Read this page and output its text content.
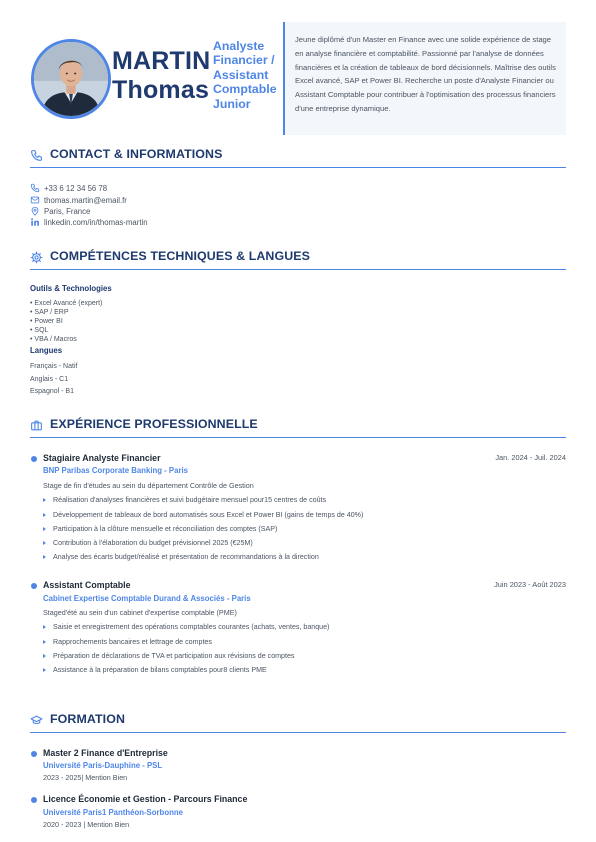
MARTIN
Thomas
Analyste Financier / Assistant Comptable Junior

Jeune diplômé d'un Master en Finance avec une solide expérience de stage en analyse financière et comptabilité. Passionné par l'analyse de données financières et la création de tableaux de bord décisionnels. Maîtrise des outils Excel avancé, SAP et Power BI. Recherche un poste d'Analyste Financier ou Assistant Comptable pour contribuer à l'optimisation des processus financiers d'une entreprise dynamique.

CONTACT & INFORMATIONS
+33 6 12 34 56 78
thomas.martin@email.fr
Paris, France
linkedin.com/in/thomas-martin
COMPÉTENCES TECHNIQUES & LANGUES
Outils & Technologies
• Excel Avancé (expert)
• SAP / ERP
• Power BI
• SQL
• VBA / Macros
Langues
Français - Natif
Anglais - C1
Espagnol - B1
EXPÉRIENCE PROFESSIONNELLE
Stagiaire Analyste Financier	Jan. 2024 - Juil. 2024
BNP Paribas Corporate Banking - Paris
Stage de fin d'études au sein du département Contrôle de Gestion
Réalisation d'analyses financières et suivi budgétaire mensuel pour15 centres de coûts
Développement de tableaux de bord automatisés sous Excel et Power BI (gains de temps de 40%)
Participation à la clôture mensuelle et réconciliation des comptes (SAP)
Contribution à l'élaboration du budget prévisionnel 2025 (€25M)
Analyse des écarts budget/réalisé et présentation de recommandations à la direction
Assistant Comptable	Juin 2023 - Août 2023
Cabinet Expertise Comptable Durand & Associés - Paris
Staged'été au sein d'un cabinet d'expertise comptable (PME)
Saisie et enregistrement des opérations comptables courantes (achats, ventes, banque)
Rapprochements bancaires et lettrage de comptes
Préparation de déclarations de TVA et participation aux révisions de comptes
Assistance à la préparation de bilans comptables pour8 clients PME
FORMATION
Master 2 Finance d'Entreprise
Université Paris-Dauphine - PSL
2023 - 2025| Mention Bien
Licence Économie et Gestion - Parcours Finance
Université Paris1 Panthéon-Sorbonne
2020 - 2023 | Mention Bien
